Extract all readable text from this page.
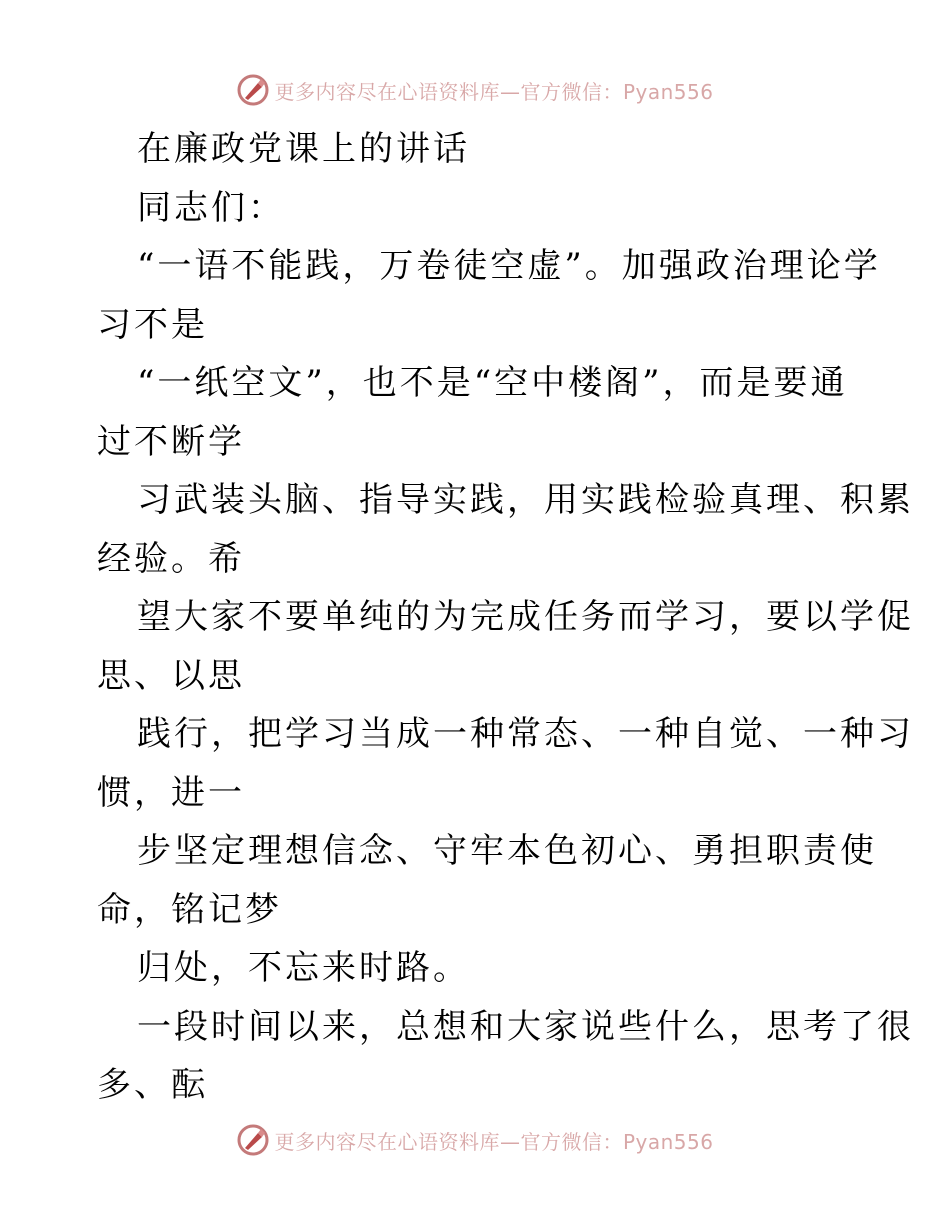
更多内容尽在心语资料库—官方微信：Pyan556
在廉政党课上的讲话
同志们：
“一语不能践，万卷徒空虚”。加强政治理论学
习不是
“一纸空文”，也不是“空中楼阁”，而是要通
过不断学
习武装头脑、指导实践，用实践检验真理、积累
经验。希
望大家不要单纯的为完成任务而学习，要以学促
思、以思
践行，把学习当成一种常态、一种自觉、一种习
惯，进一
步坚定理想信念、守牢本色初心、勇担职责使
命，铭记梦
归处，不忘来时路。
一段时间以来，总想和大家说些什么，思考了很
多、酝
更多内容尽在心语资料库—官方微信：Pyan556
